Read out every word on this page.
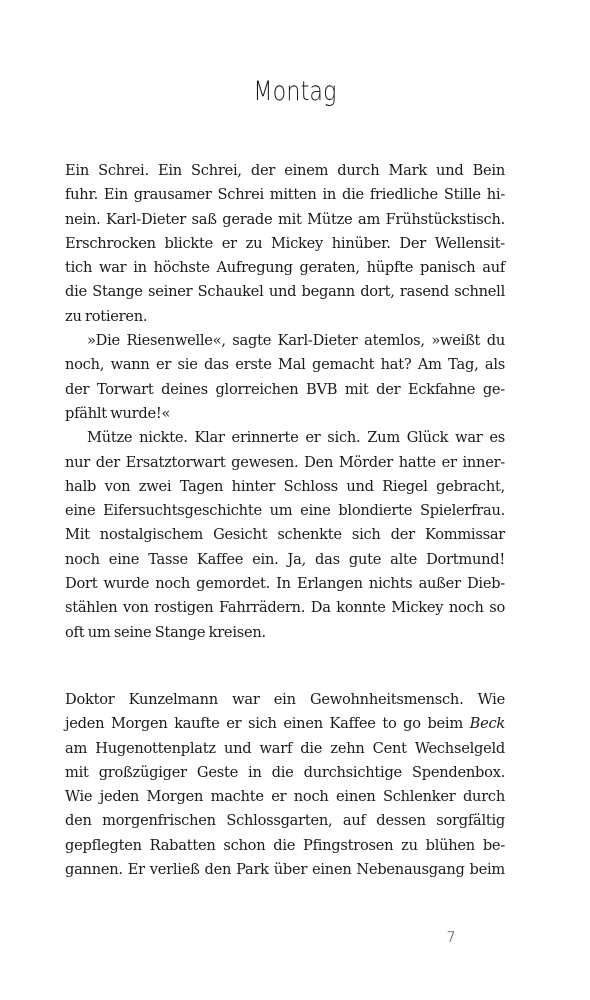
Montag
Ein Schrei. Ein Schrei, der einem durch Mark und Bein
fuhr. Ein grausamer Schrei mitten in die friedliche Stille hi-
nein. Karl-Dieter saß gerade mit Mütze am Frühstückstisch.
Erschrocken blickte er zu Mickey hinüber. Der Wellensit-
tich war in höchste Aufregung geraten, hüpfte panisch auf
die Stange seiner Schaukel und begann dort, rasend schnell
zu rotieren.
»Die Riesenwelle«, sagte Karl-Dieter atemlos, »weißt du
noch, wann er sie das erste Mal gemacht hat? Am Tag, als
der Torwart deines glorreichen BVB mit der Eckfahne ge-
pfählt wurde!«
Mütze nickte. Klar erinnerte er sich. Zum Glück war es
nur der Ersatztorwart gewesen. Den Mörder hatte er inner-
halb von zwei Tagen hinter Schloss und Riegel gebracht,
eine Eifersuchtsgeschichte um eine blondierte Spielerfrau.
Mit nostalgischem Gesicht schenkte sich der Kommissar
noch eine Tasse Kaffee ein. Ja, das gute alte Dortmund!
Dort wurde noch gemordet. In Erlangen nichts außer Dieb-
stählen von rostigen Fahrrädern. Da konnte Mickey noch so
oft um seine Stange kreisen.
Doktor Kunzelmann war ein Gewohnheitsmensch. Wie
jeden Morgen kaufte er sich einen Kaffee to go beim Beck
am Hugenottenplatz und warf die zehn Cent Wechselgeld
mit großzügiger Geste in die durchsichtige Spendenbox.
Wie jeden Morgen machte er noch einen Schlenker durch
den morgenfrischen Schlossgarten, auf dessen sorgfältig
gepflegten Rabatten schon die Pfingstrosen zu blühen be-
gannen. Er verließ den Park über einen Nebenausgang beim

7
